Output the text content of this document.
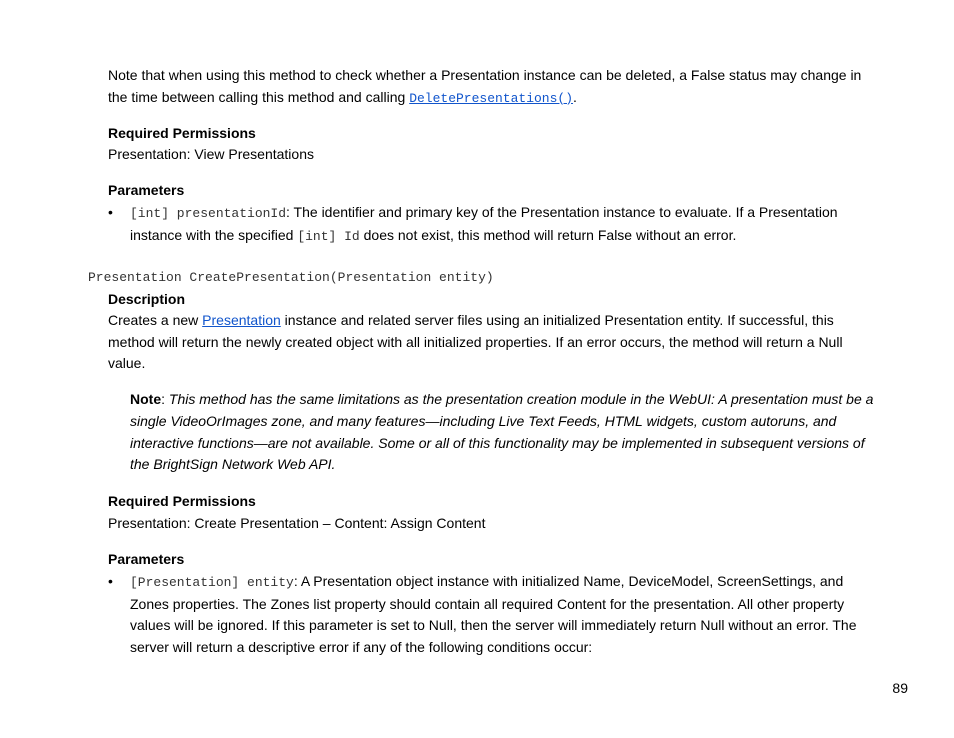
Note that when using this method to check whether a Presentation instance can be deleted, a False status may change in the time between calling this method and calling DeletePresentations().
Required Permissions
Presentation: View Presentations
Parameters
• [int] presentationId: The identifier and primary key of the Presentation instance to evaluate. If a Presentation instance with the specified [int] Id does not exist, this method will return False without an error.
Presentation CreatePresentation(Presentation entity)
Description
Creates a new Presentation instance and related server files using an initialized Presentation entity. If successful, this method will return the newly created object with all initialized properties. If an error occurs, the method will return a Null value.
Note: This method has the same limitations as the presentation creation module in the WebUI: A presentation must be a single VideoOrImages zone, and many features—including Live Text Feeds, HTML widgets, custom autoruns, and interactive functions—are not available. Some or all of this functionality may be implemented in subsequent versions of the BrightSign Network Web API.
Required Permissions
Presentation: Create Presentation – Content: Assign Content
Parameters
• [Presentation] entity: A Presentation object instance with initialized Name, DeviceModel, ScreenSettings, and Zones properties. The Zones list property should contain all required Content for the presentation. All other property values will be ignored. If this parameter is set to Null, then the server will immediately return Null without an error. The server will return a descriptive error if any of the following conditions occur:
89
